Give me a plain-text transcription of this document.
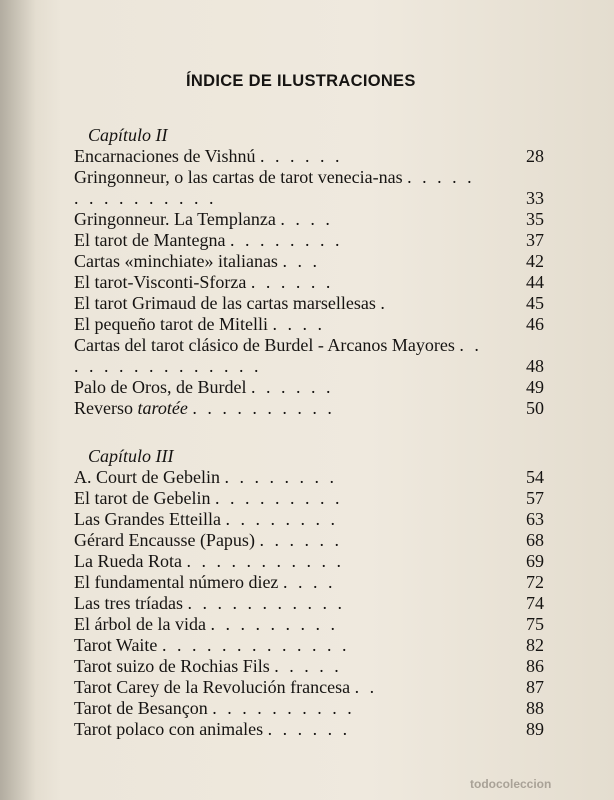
ÍNDICE DE ILUSTRACIONES
Capítulo II
Encarnaciones de Vishnú . . . . . .	28
Gringonneur, o las cartas de tarot venecia-nas . . . . . . . . . . . . . . .	33
Gringonneur. La Templanza . . . .	35
El tarot de Mantegna . . . . . . . .	37
Cartas «minchiate» italianas . . .	42
El tarot-Visconti-Sforza . . . . . .	44
El tarot Grimaud de las cartas marsellesas .	45
El pequeño tarot de Mitelli . . . .	46
Cartas del tarot clásico de Burdel - Arcanos Mayores . . . . . . . . . . . . . . .	48
Palo de Oros, de Burdel . . . . . .	49
Reverso tarotée . . . . . . . . . .	50
Capítulo III
A. Court de Gebelin . . . . . . . .	54
El tarot de Gebelin . . . . . . . . .	57
Las Grandes Etteilla . . . . . . . .	63
Gérard Encausse (Papus) . . . . . .	68
La Rueda Rota . . . . . . . . . . .	69
El fundamental número diez . . . .	72
Las tres tríadas . . . . . . . . . . .	74
El árbol de la vida . . . . . . . . .	75
Tarot Waite . . . . . . . . . . . . .	82
Tarot suizo de Rochias Fils . . . . .	86
Tarot Carey de la Revolución francesa . .	87
Tarot de Besançon . . . . . . . . . .	88
Tarot polaco con animales . . . . . .	89
todocoleccion
